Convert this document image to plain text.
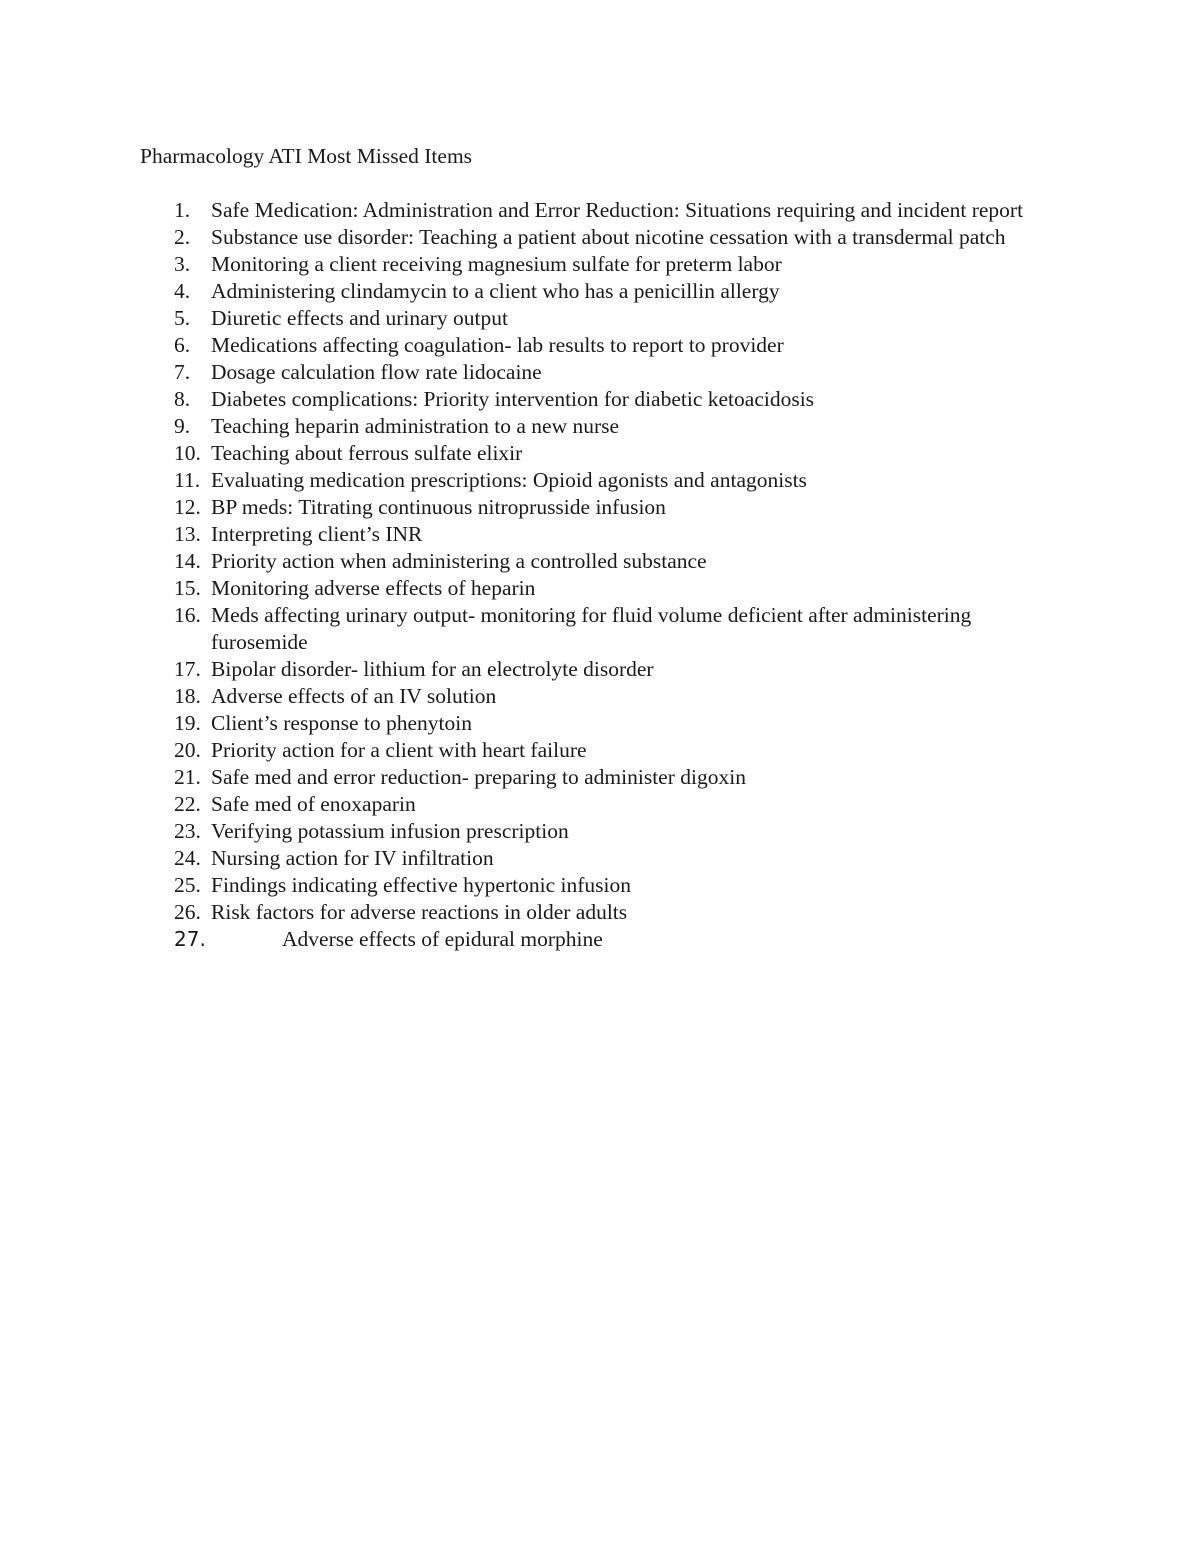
Pharmacology ATI Most Missed Items
1. Safe Medication: Administration and Error Reduction: Situations requiring and incident report
2. Substance use disorder: Teaching a patient about nicotine cessation with a transdermal patch
3. Monitoring a client receiving magnesium sulfate for preterm labor
4. Administering clindamycin to a client who has a penicillin allergy
5. Diuretic effects and urinary output
6. Medications affecting coagulation- lab results to report to provider
7. Dosage calculation flow rate lidocaine
8. Diabetes complications: Priority intervention for diabetic ketoacidosis
9. Teaching heparin administration to a new nurse
10. Teaching about ferrous sulfate elixir
11. Evaluating medication prescriptions: Opioid agonists and antagonists
12. BP meds: Titrating continuous nitroprusside infusion
13. Interpreting client’s INR
14. Priority action when administering a controlled substance
15. Monitoring adverse effects of heparin
16. Meds affecting urinary output- monitoring for fluid volume deficient after administering furosemide
17. Bipolar disorder- lithium for an electrolyte disorder
18. Adverse effects of an IV solution
19. Client’s response to phenytoin
20. Priority action for a client with heart failure
21. Safe med and error reduction- preparing to administer digoxin
22. Safe med of enoxaparin
23. Verifying potassium infusion prescription
24. Nursing action for IV infiltration
25. Findings indicating effective hypertonic infusion
26. Risk factors for adverse reactions in older adults
27.	Adverse effects of epidural morphine
